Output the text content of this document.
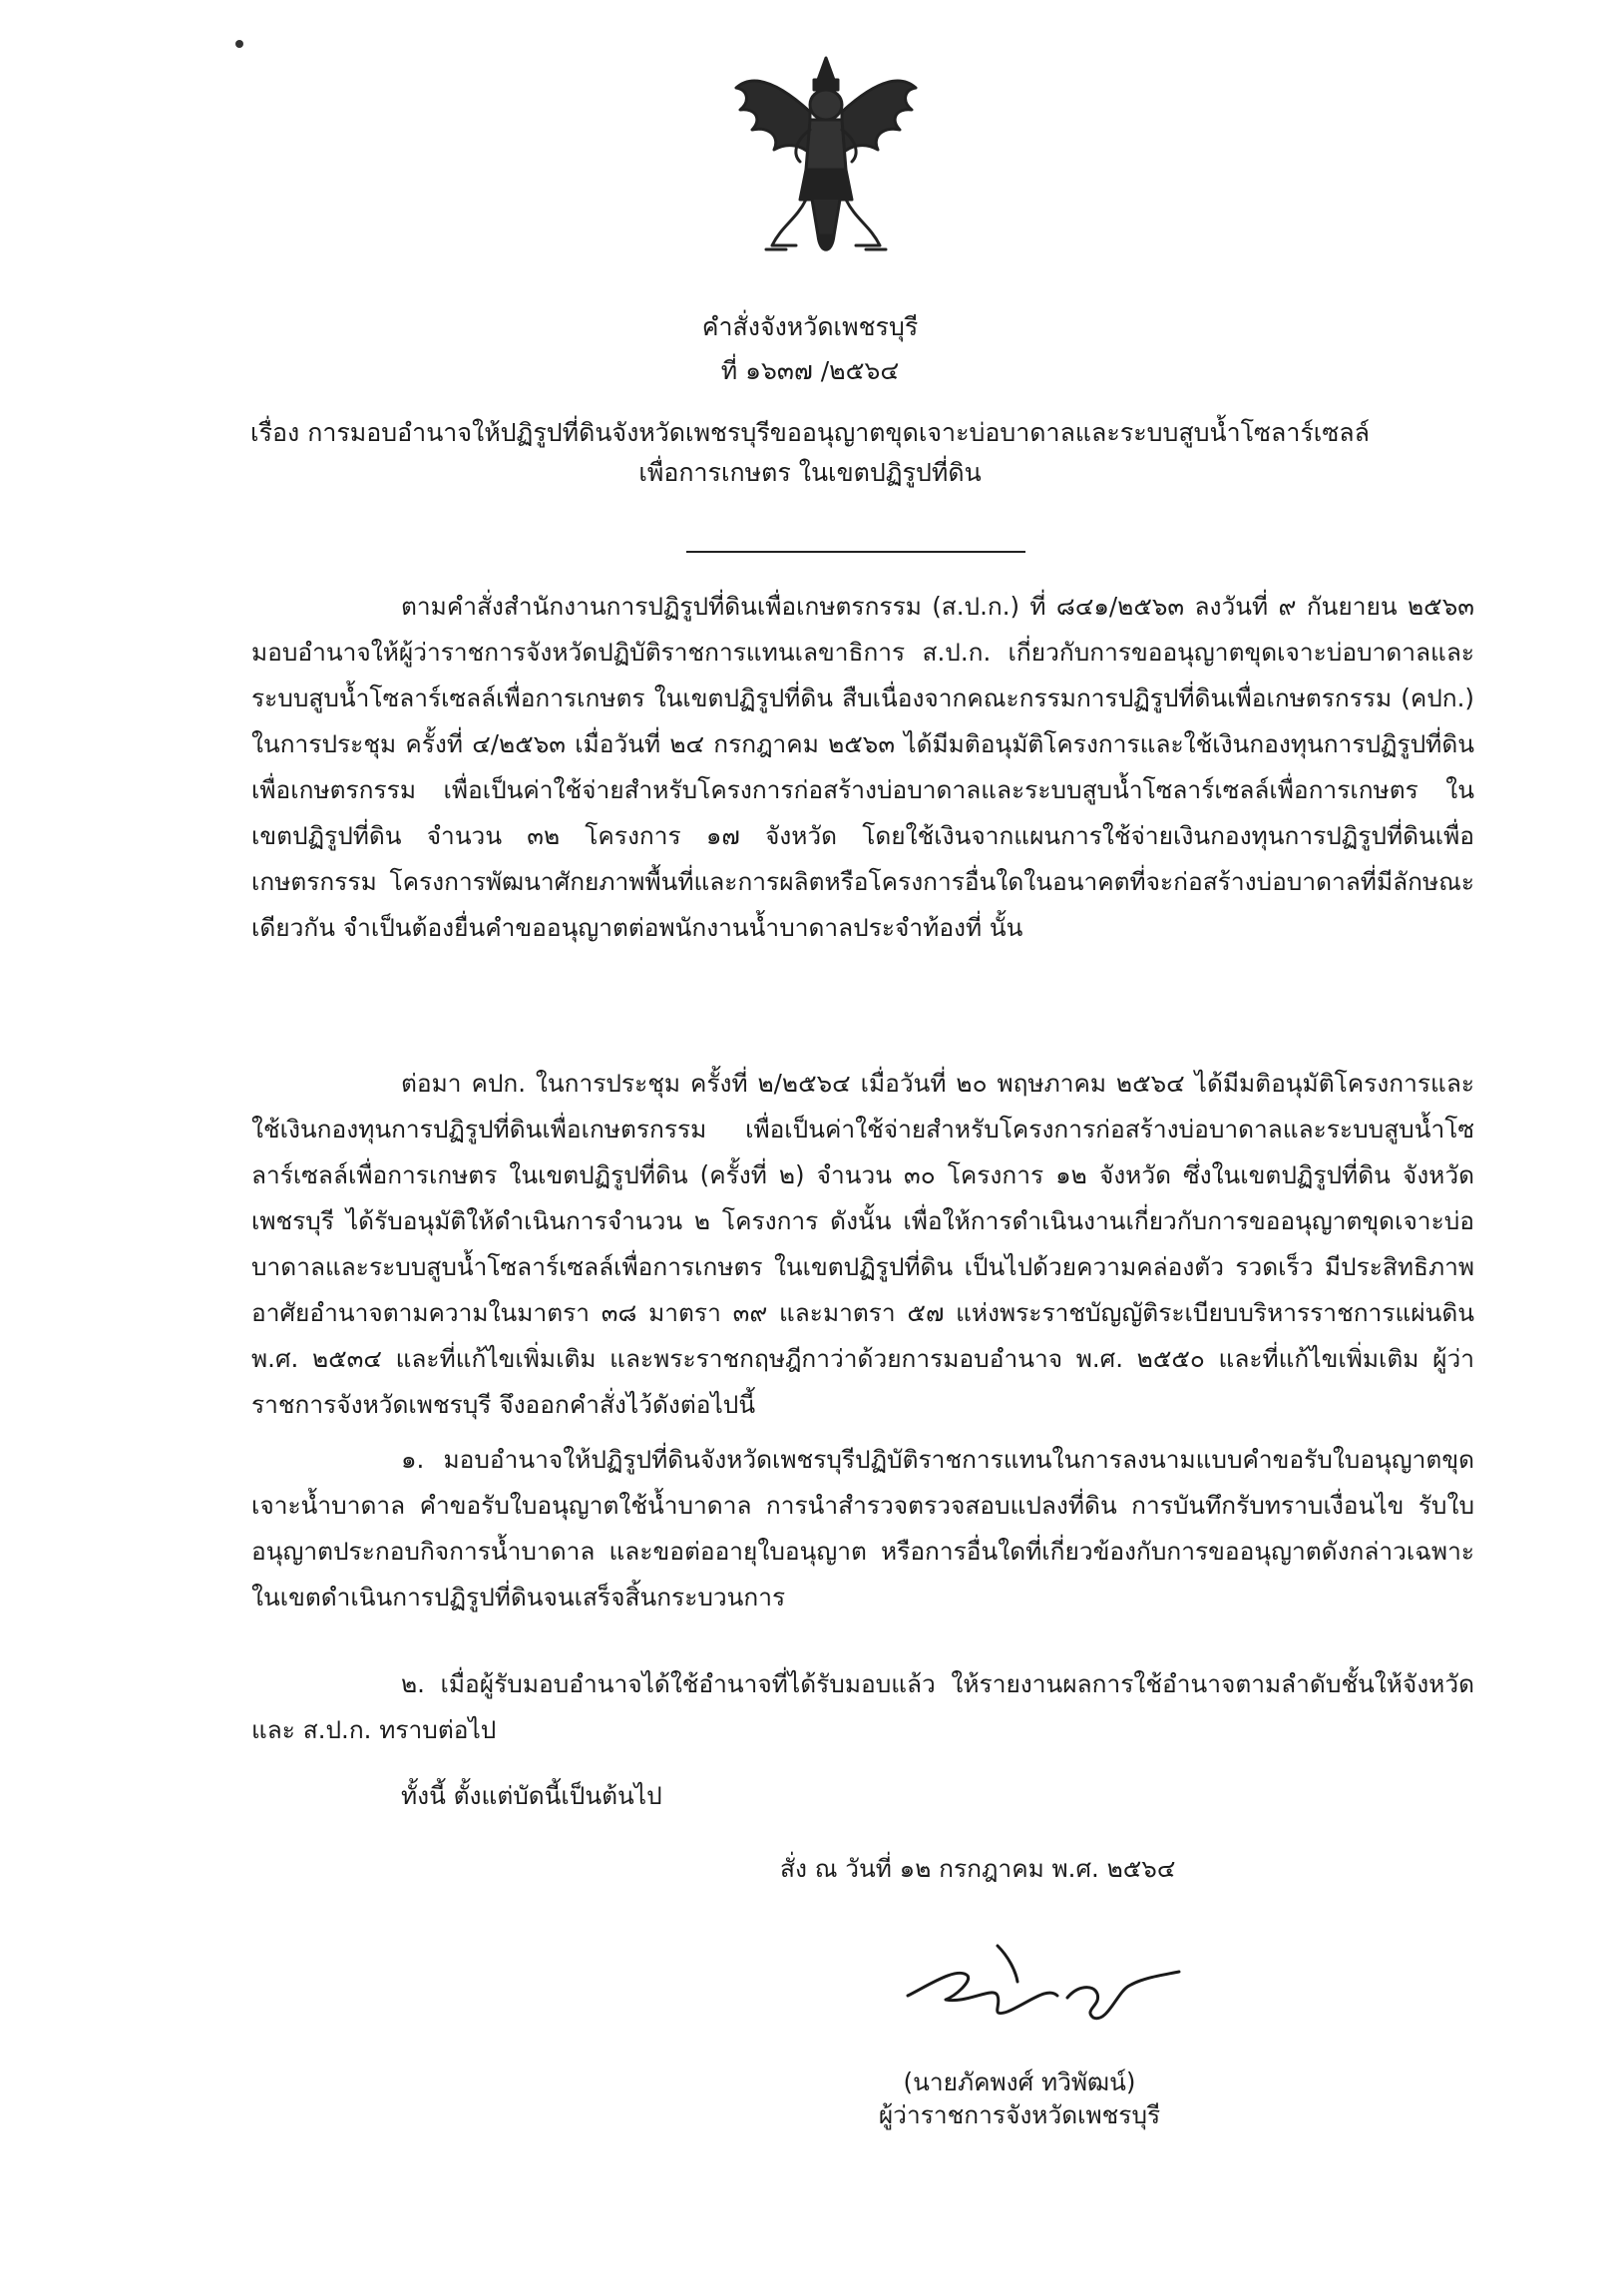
คำสั่งจังหวัดเพชรบุรี
ที่ ๑๖๓๗ /๒๕๖๔
เรื่อง การมอบอำนาจให้ปฏิรูปที่ดินจังหวัดเพชรบุรีขออนุญาตขุดเจาะบ่อบาดาลและระบบสูบน้ำโซลาร์เซลล์
เพื่อการเกษตร ในเขตปฏิรูปที่ดิน

ตามคำสั่งสำนักงานการปฏิรูปที่ดินเพื่อเกษตรกรรม (ส.ป.ก.) ที่ ๘๔๑/๒๕๖๓ ลงวันที่ ๙ กันยายน ๒๕๖๓ มอบอำนาจให้ผู้ว่าราชการจังหวัดปฏิบัติราชการแทนเลขาธิการ ส.ป.ก. เกี่ยวกับการขออนุญาตขุดเจาะบ่อบาดาลและระบบสูบน้ำโซลาร์เซลล์เพื่อการเกษตร ในเขตปฏิรูปที่ดิน สืบเนื่องจากคณะกรรมการปฏิรูปที่ดินเพื่อเกษตรกรรม (คปก.) ในการประชุม ครั้งที่ ๔/๒๕๖๓ เมื่อวันที่ ๒๔ กรกฎาคม ๒๕๖๓ ได้มีมติอนุมัติโครงการและใช้เงินกองทุนการปฏิรูปที่ดินเพื่อเกษตรกรรม เพื่อเป็นค่าใช้จ่ายสำหรับโครงการก่อสร้างบ่อบาดาลและระบบสูบน้ำโซลาร์เซลล์เพื่อการเกษตร ในเขตปฏิรูปที่ดิน จำนวน ๓๒ โครงการ ๑๗ จังหวัด โดยใช้เงินจากแผนการใช้จ่ายเงินกองทุนการปฏิรูปที่ดินเพื่อเกษตรกรรม โครงการพัฒนาศักยภาพพื้นที่และการผลิตหรือโครงการอื่นใดในอนาคตที่จะก่อสร้างบ่อบาดาลที่มีลักษณะเดียวกัน จำเป็นต้องยื่นคำขออนุญาตต่อพนักงานน้ำบาดาลประจำท้องที่ นั้น

ต่อมา คปก. ในการประชุม ครั้งที่ ๒/๒๕๖๔ เมื่อวันที่ ๒๐ พฤษภาคม ๒๕๖๔ ได้มีมติอนุมัติโครงการและใช้เงินกองทุนการปฏิรูปที่ดินเพื่อเกษตรกรรม เพื่อเป็นค่าใช้จ่ายสำหรับโครงการก่อสร้างบ่อบาดาลและระบบสูบน้ำโซลาร์เซลล์เพื่อการเกษตร ในเขตปฏิรูปที่ดิน (ครั้งที่ ๒) จำนวน ๓๐ โครงการ ๑๒ จังหวัด ซึ่งในเขตปฏิรูปที่ดิน จังหวัดเพชรบุรี ได้รับอนุมัติให้ดำเนินการจำนวน ๒ โครงการ ดังนั้น เพื่อให้การดำเนินงานเกี่ยวกับการขออนุญาตขุดเจาะบ่อบาดาลและระบบสูบน้ำโซลาร์เซลล์เพื่อการเกษตร ในเขตปฏิรูปที่ดิน เป็นไปด้วยความคล่องตัว รวดเร็ว มีประสิทธิภาพ อาศัยอำนาจตามความในมาตรา ๓๘ มาตรา ๓๙ และมาตรา ๕๗ แห่งพระราชบัญญัติระเบียบบริหารราชการแผ่นดิน พ.ศ. ๒๕๓๔ และที่แก้ไขเพิ่มเติม และพระราชกฤษฎีกาว่าด้วยการมอบอำนาจ พ.ศ. ๒๕๕๐ และที่แก้ไขเพิ่มเติม ผู้ว่าราชการจังหวัดเพชรบุรี จึงออกคำสั่งไว้ดังต่อไปนี้

๑. มอบอำนาจให้ปฏิรูปที่ดินจังหวัดเพชรบุรีปฏิบัติราชการแทนในการลงนามแบบคำขอรับใบอนุญาตขุดเจาะน้ำบาดาล คำขอรับใบอนุญาตใช้น้ำบาดาล การนำสำรวจตรวจสอบแปลงที่ดิน การบันทึกรับทราบเงื่อนไข รับใบอนุญาตประกอบกิจการน้ำบาดาล และขอต่ออายุใบอนุญาต หรือการอื่นใดที่เกี่ยวข้องกับการขออนุญาตดังกล่าวเฉพาะในเขตดำเนินการปฏิรูปที่ดินจนเสร็จสิ้นกระบวนการ

๒. เมื่อผู้รับมอบอำนาจได้ใช้อำนาจที่ได้รับมอบแล้ว ให้รายงานผลการใช้อำนาจตามลำดับชั้นให้จังหวัดและ ส.ป.ก. ทราบต่อไป

ทั้งนี้ ตั้งแต่บัดนี้เป็นต้นไป
สั่ง ณ วันที่ ๑๒ กรกฎาคม พ.ศ. ๒๕๖๔
(นายภัคพงศ์ ทวิพัฒน์)
ผู้ว่าราชการจังหวัดเพชรบุรี
